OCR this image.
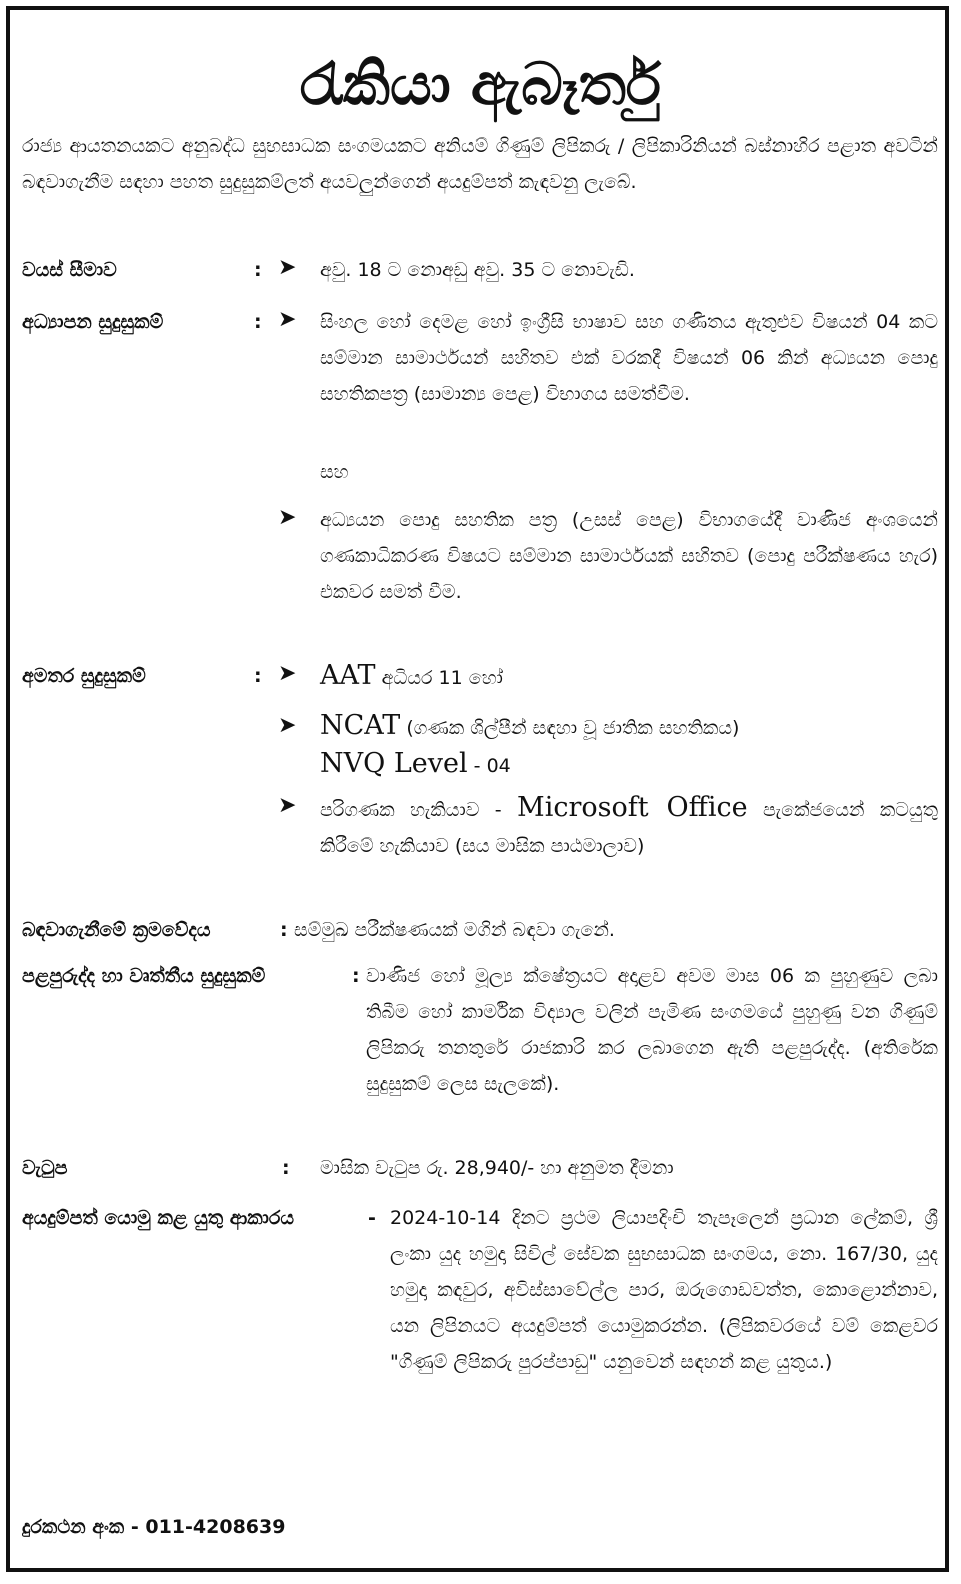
රැකියා ඇබෑර්තු
රාජ්‍ය ආයතනයකට අනුබද්ධ සුභසාධක සංගමයකට අනියම් ගිණුම් ලිපිකරු / ලිපිකාරිනියන් බස්නාහිර පළාත අවටින් බඳවාගැනීම සඳහා පහත සුදුසුකම්ලත් අයවලුන්ගෙන් අයදුම්පත් කැඳවනු ලැබේ.
වයස් සීමාව	: ➤ අවු. 18 ට නොඅඩු අවු. 35 ට නොවැඩි.
අධ්‍යාපන සුදුසුකම්	: ➤ සිංහල හෝ දෙමළ හෝ ඉංග්‍රීසි භාෂාව සහ ගණිතය ඇතුළුව විෂයන් 04 කට සම්මාන සාමාර්ථයන් සහිතව එක් වරකදී විෂයන් 06 කින් අධ්‍යයන පොදු සහතිකපත්‍ර (සාමාන්‍ය පෙළ) විභාගය සමත්වීම.
සහ
➤ අධ්‍යයන පොදු සහතික පත්‍ර (උසස් පෙළ) විභාගයේදී වාණිජ අංශයෙන් ගණකාධිකරණ විෂයට සම්මාන සාමාර්ථයක් සහිතව (පොදු පරීක්ෂණය හැර) එකවර සමත් වීම.
අමතර සුදුසුකම්	: ➤ AAT අධියර 11 හෝ
➤ NCAT (ගණක ශිල්පීන් සඳහා වූ ජාතික සහතිකය)
NVQ Level - 04
➤ පරිගණක හැකියාව - Microsoft Office පැකේජයෙන් කටයුතු කිරීමේ හැකියාව (සය මාසික පාඨමාලාව)
බඳවාගැනීමේ ක්‍රමවේදය	: සම්මුඛ පරීක්ෂණයක් මගින් බඳවා ගැනේ.
පළපුරුද්ද හා වෘත්තීය සුදුසුකම්	: වාණිජ හෝ මූල්‍ය ක්ෂේත්‍රයට අදාළව අවම මාස 06 ක පුහුණුව ලබා තිබීම හෝ කාර්මික විද්‍යාල වලින් පැමිණ සංගමයේ පුහුණු වන ගිණුම් ලිපිකරු තනතුරේ රාජකාරි කර ලබාගෙන ඇති පළපුරුද්ද. (අතිරේක සුදුසුකම් ලෙස සැලකේ).
වැටුප	: මාසික වැටුප රු. 28,940/- හා අනුමත දීමනා
අයදුම්පත් යොමු කළ යුතු ආකාරය	- 2024-10-14 දිනට ප්‍රථම ලියාපදිංචි තැපෑලෙන් ප්‍රධාන ලේකම්, ශ්‍රී ලංකා යුද හමුදා සිවිල් සේවක සුභසාධක සංගමය, නො. 167/30, යුද හමුදා කඳවුර, අවිස්සාවේල්ල පාර, ඔරුගොඩවත්ත, කොළොන්නාව, යන ලිපිනයට අයදුම්පත් යොමුකරන්න. (ලිපිකවරයේ වම් කෙළවර "ගිණුම් ලිපිකරු පුරප්පාඩු" යනුවෙන් සඳහන් කළ යුතුය.)
දුරකථන අංක - 011-4208639
